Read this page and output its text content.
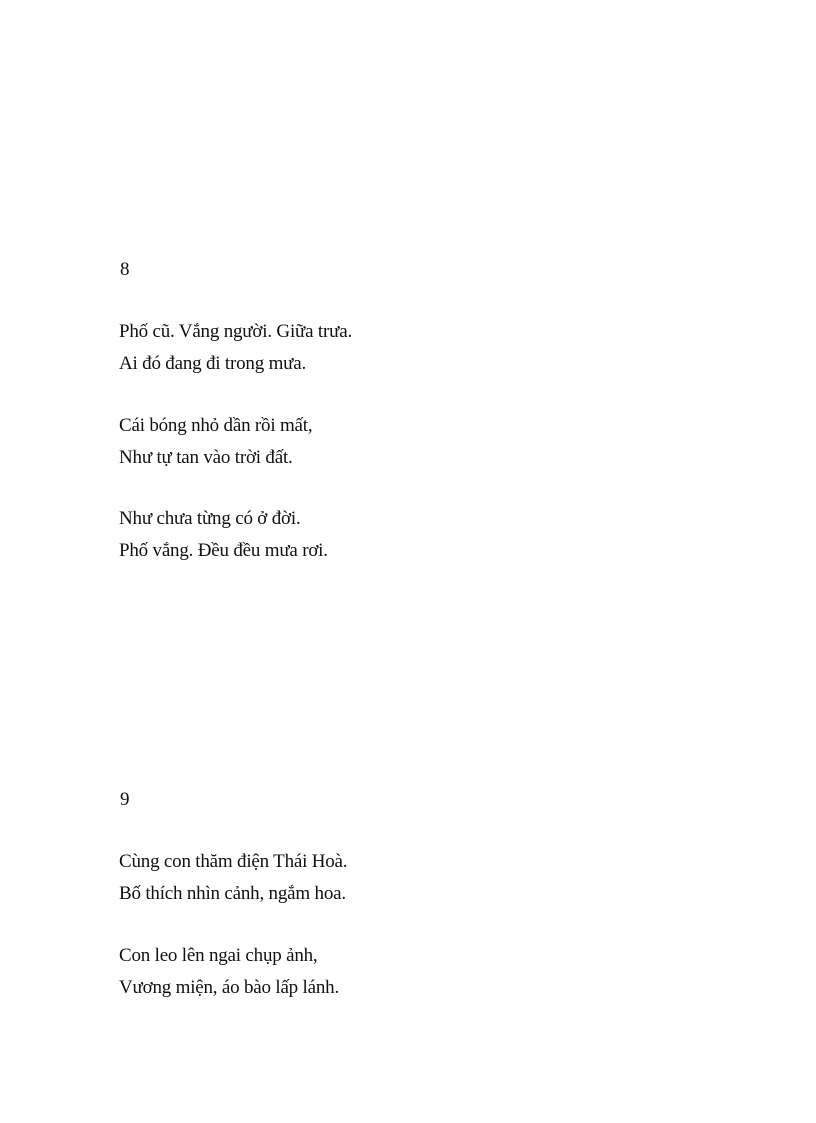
8

Phố cũ. Vắng người. Giữa trưa.
Ai đó đang đi trong mưa.
Cái bóng nhỏ dần rồi mất,
Như tự tan vào trời đất.
Như chưa từng có ở đời.
Phố vắng. Đều đều mưa rơi.

9

Cùng con thăm điện Thái Hoà.
Bố thích nhìn cảnh, ngắm hoa.
Con leo lên ngai chụp ảnh,
Vương miện, áo bào lấp lánh.
